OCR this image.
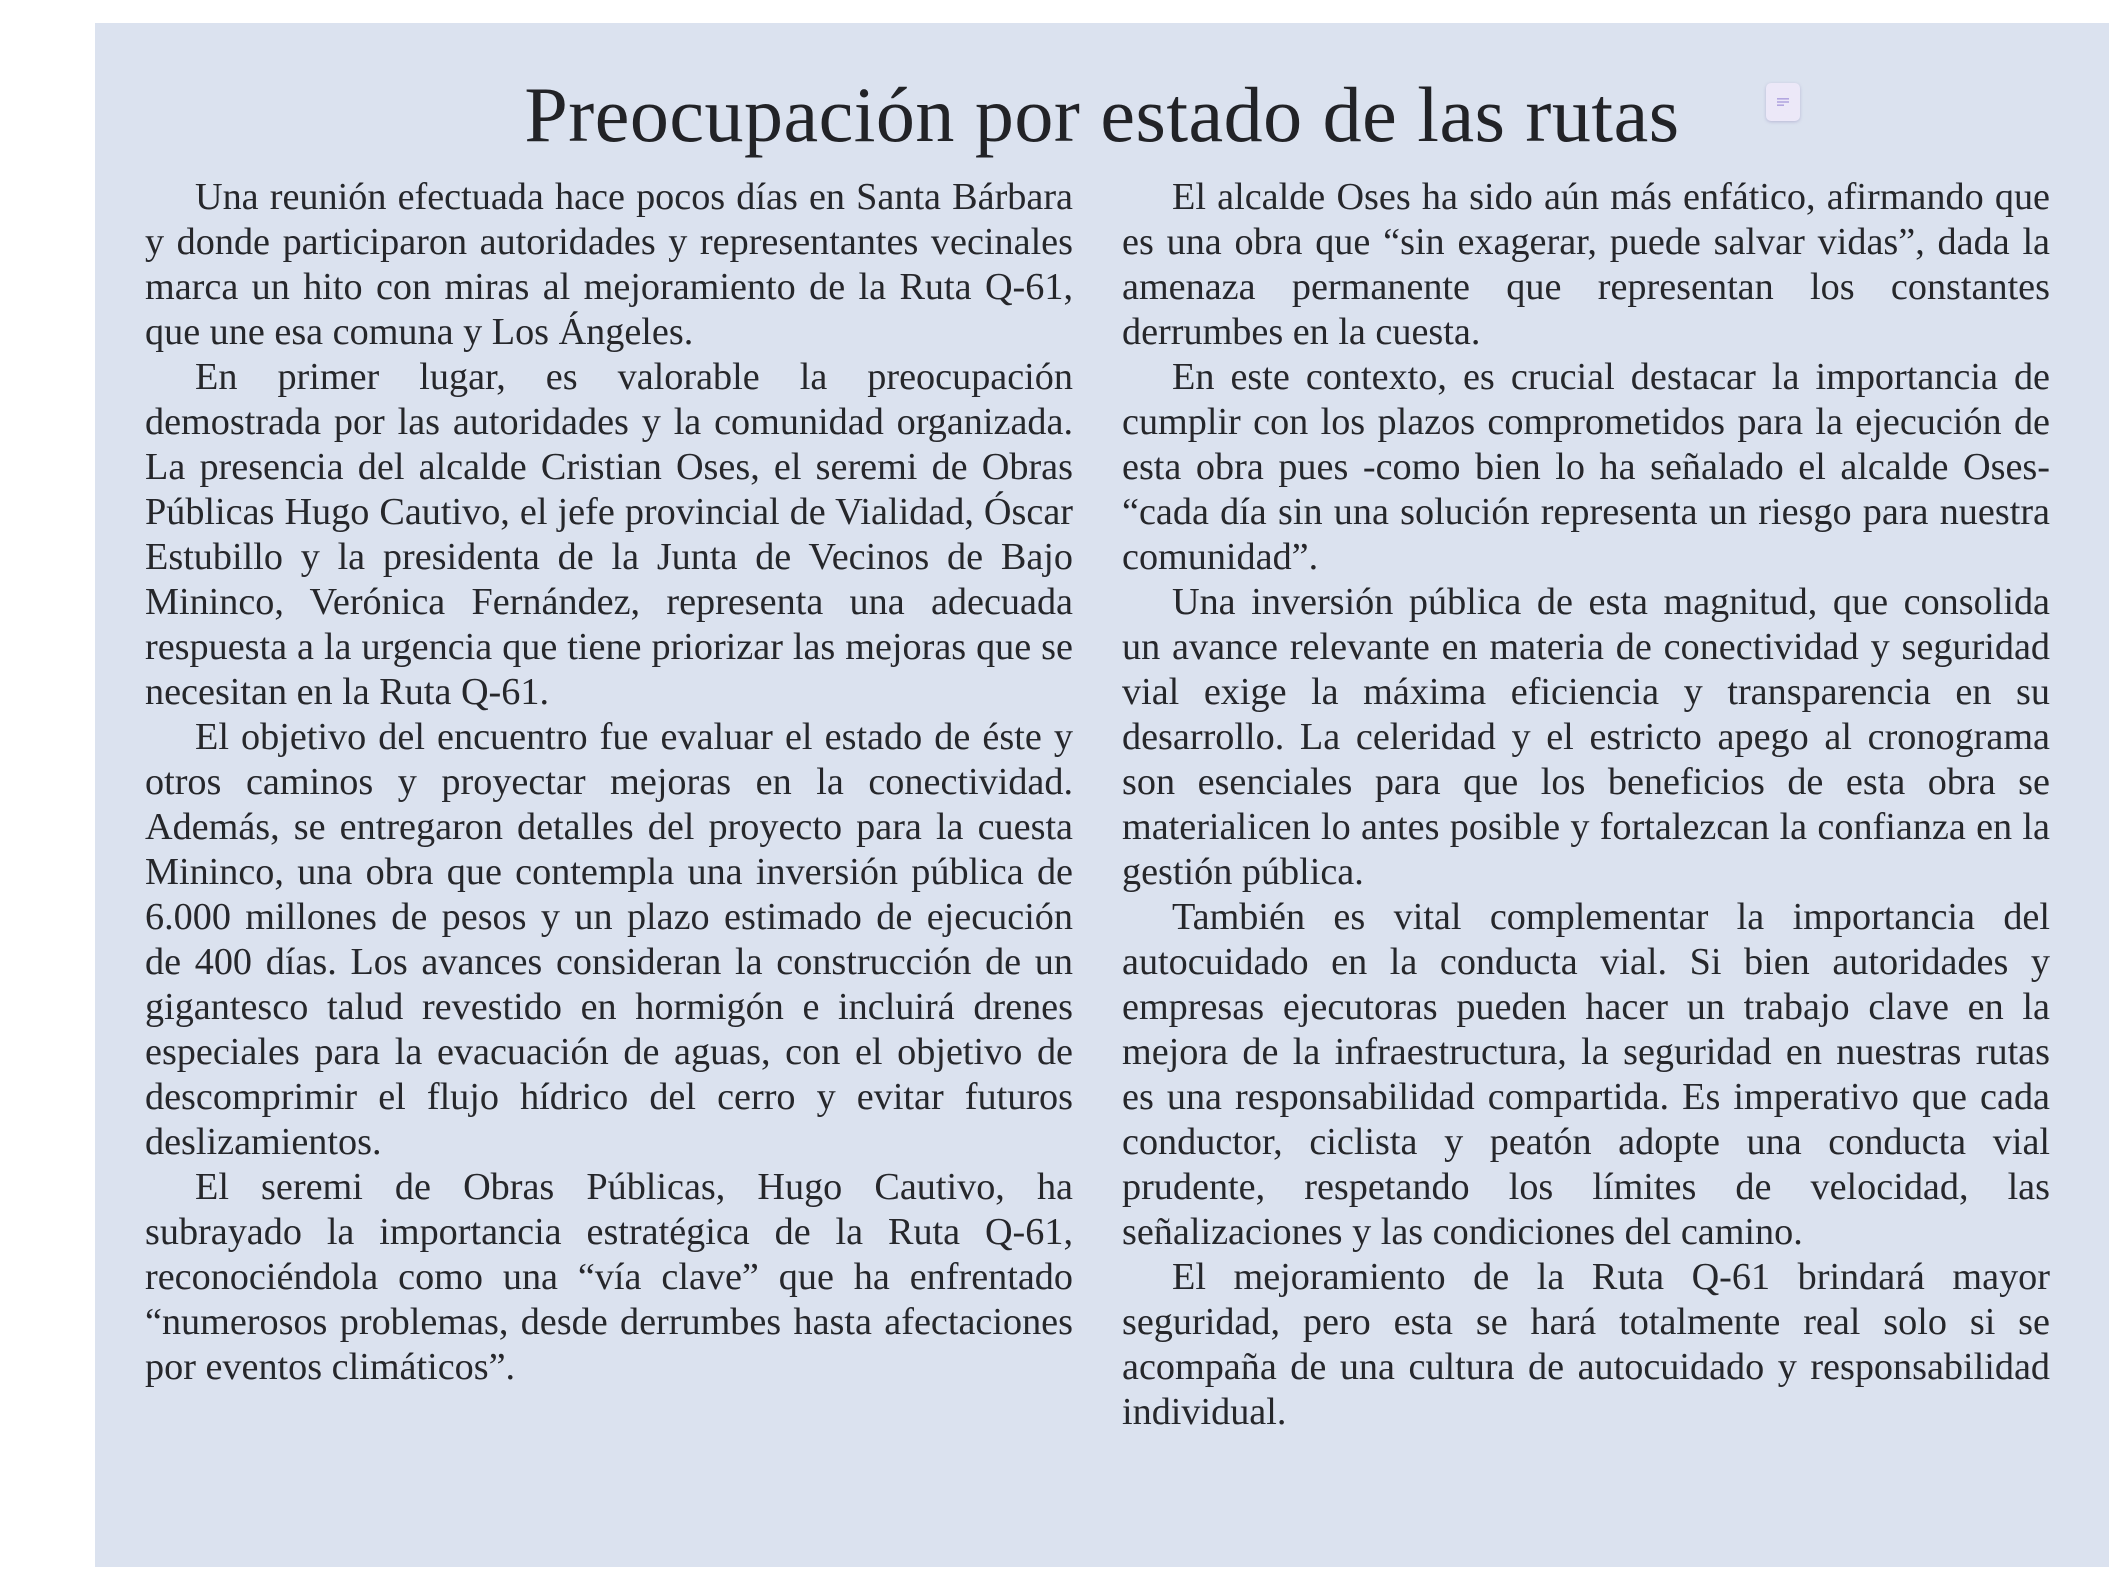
Preocupación por estado de las rutas

Una reunión efectuada hace pocos días en Santa Bárbara y donde participaron autoridades y representantes vecinales marca un hito con miras al mejoramiento de la Ruta Q-61, que une esa comuna y Los Ángeles.

En primer lugar, es valorable la preocupación demostrada por las autoridades y la comunidad organizada. La presencia del alcalde Cristian Oses, el seremi de Obras Públicas Hugo Cautivo, el jefe provincial de Vialidad, Óscar Estubillo y la presidenta de la Junta de Vecinos de Bajo Mininco, Verónica Fernández, representa una adecuada respuesta a la urgencia que tiene priorizar las mejoras que se necesitan en la Ruta Q-61.

El objetivo del encuentro fue evaluar el estado de éste y otros caminos y proyectar mejoras en la conectividad. Además, se entregaron detalles del proyecto para la cuesta Mininco, una obra que contempla una inversión pública de 6.000 millones de pesos y un plazo estimado de ejecución de 400 días. Los avances consideran la construcción de un gigantesco talud revestido en hormigón e incluirá drenes especiales para la evacuación de aguas, con el objetivo de descomprimir el flujo hídrico del cerro y evitar futuros deslizamientos.

El seremi de Obras Públicas, Hugo Cautivo, ha subrayado la importancia estratégica de la Ruta Q-61, reconociéndola como una “vía clave” que ha enfrentado “numerosos problemas, desde derrumbes hasta afectaciones por eventos climáticos”.

El alcalde Oses ha sido aún más enfático, afirmando que es una obra que “sin exagerar, puede salvar vidas”, dada la amenaza permanente que representan los constantes derrumbes en la cuesta.

En este contexto, es crucial destacar la importancia de cumplir con los plazos comprometidos para la ejecución de esta obra pues -como bien lo ha señalado el alcalde Oses- “cada día sin una solución representa un riesgo para nuestra comunidad”.

Una inversión pública de esta magnitud, que consolida un avance relevante en materia de conectividad y seguridad vial exige la máxima eficiencia y transparencia en su desarrollo. La celeridad y el estricto apego al cronograma son esenciales para que los beneficios de esta obra se materialicen lo antes posible y fortalezcan la confianza en la gestión pública.

También es vital complementar la importancia del autocuidado en la conducta vial. Si bien autoridades y empresas ejecutoras pueden hacer un trabajo clave en la mejora de la infraestructura, la seguridad en nuestras rutas es una responsabilidad compartida. Es imperativo que cada conductor, ciclista y peatón adopte una conducta vial prudente, respetando los límites de velocidad, las señalizaciones y las condiciones del camino.

El mejoramiento de la Ruta Q-61 brindará mayor seguridad, pero esta se hará totalmente real solo si se acompaña de una cultura de autocuidado y responsabilidad individual.
